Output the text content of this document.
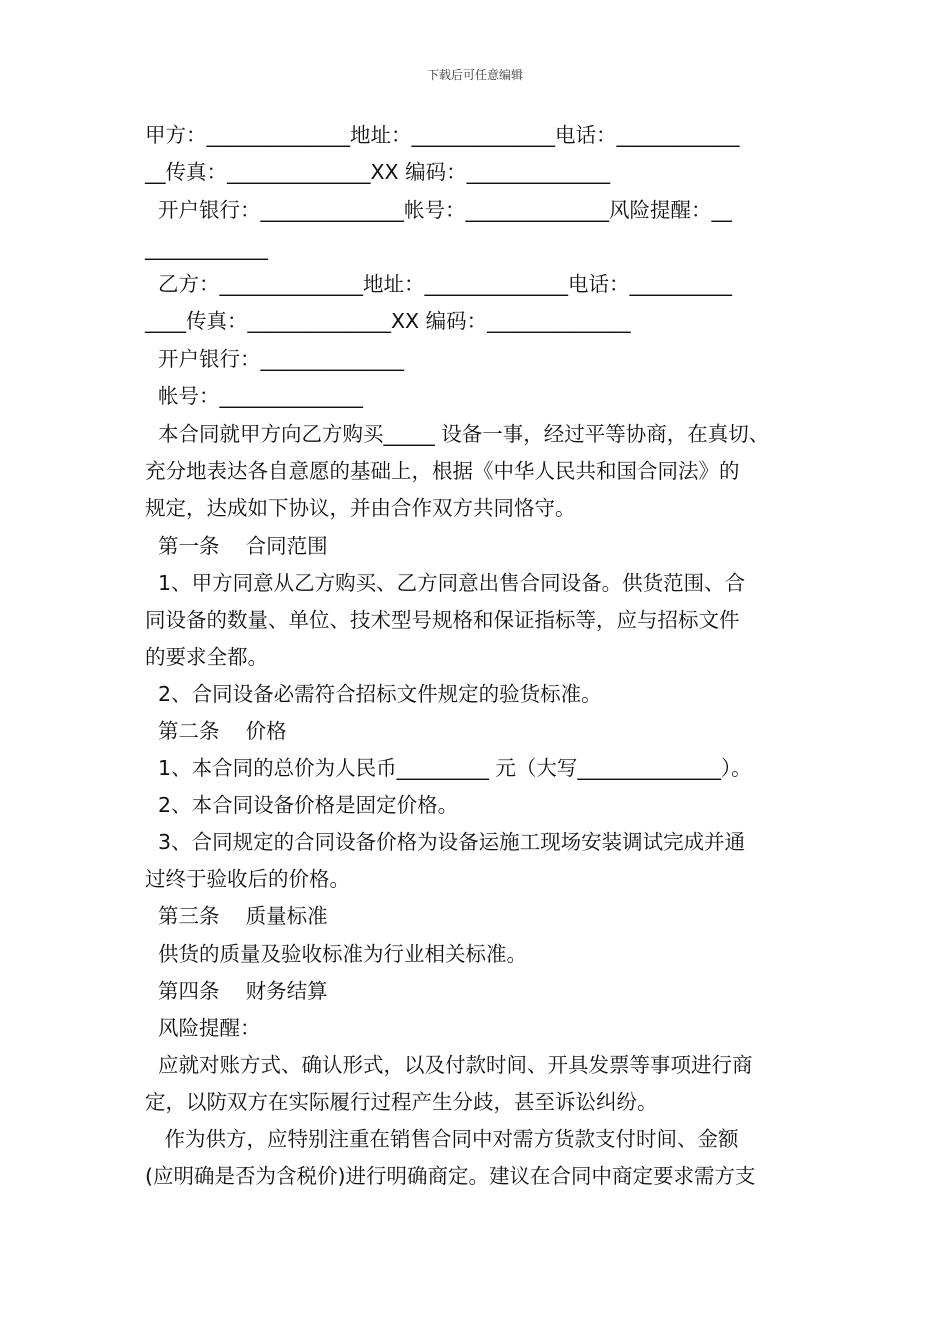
下载后可任意编辑
甲方：______________地址：______________电话：____________
__传真：______________XX 编码：______________
开户银行：______________帐号：______________风险提醒：__
____________
乙方：______________地址：______________电话：__________
____传真：______________XX 编码：______________
开户银行：______________
帐号：______________
本合同就甲方向乙方购买_____ 设备一事，经过平等协商，在真切、
充分地表达各自意愿的基础上，根据《中华人民共和国合同法》的
规定，达成如下协议，并由合作双方共同恪守。
第一条    合同范围
1、甲方同意从乙方购买、乙方同意出售合同设备。供货范围、合
同设备的数量、单位、技术型号规格和保证指标等，应与招标文件
的要求全都。
2、合同设备必需符合招标文件规定的验货标准。
第二条    价格
1、本合同的总价为人民币_________ 元（大写______________）。
2、本合同设备价格是固定价格。
3、合同规定的合同设备价格为设备运施工现场安装调试完成并通
过终于验收后的价格。
第三条    质量标准
供货的质量及验收标准为行业相关标准。
第四条    财务结算
风险提醒：
应就对账方式、确认形式，以及付款时间、开具发票等事项进行商
定，以防双方在实际履行过程产生分歧，甚至诉讼纠纷。
作为供方，应特别注重在销售合同中对需方货款支付时间、金额
(应明确是否为含税价)进行明确商定。建议在合同中商定要求需方支
